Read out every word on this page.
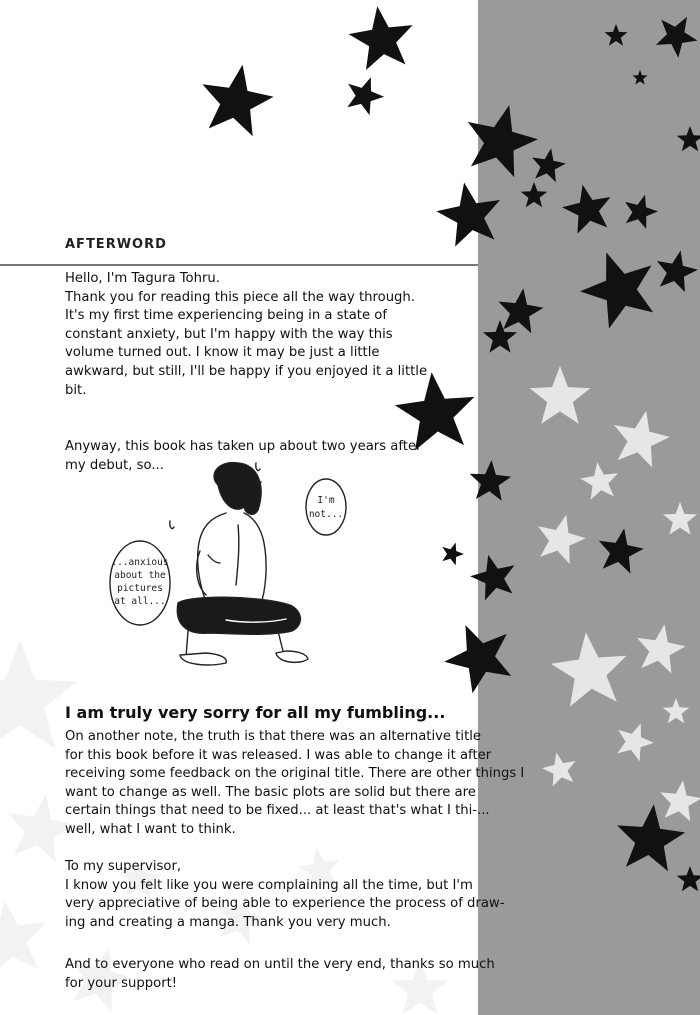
AFTERWORD

Hello, I'm Tagura Tohru.
Thank you for reading this piece all the way through.
It's my first time experiencing being in a state of
constant anxiety, but I'm happy with the way this
volume turned out. I know it may be just a little
awkward, but still, I'll be happy if you enjoyed it a little
bit.

Anyway, this book has taken up about two years after
my debut, so...

...anxious
about the
pictures
at all...
I'm
not...
I am truly very sorry for all my fumbling...

On another note, the truth is that there was an alternative title
for this book before it was released. I was able to change it after
receiving some feedback on the original title. There are other things I
want to change as well. The basic plots are solid but there are
certain things that need to be fixed... at least that's what I thi-...
well, what I want to think.

To my supervisor,
I know you felt like you were complaining all the time, but I'm
very appreciative of being able to experience the process of draw-
ing and creating a manga. Thank you very much.

And to everyone who read on until the very end, thanks so much
for your support!
